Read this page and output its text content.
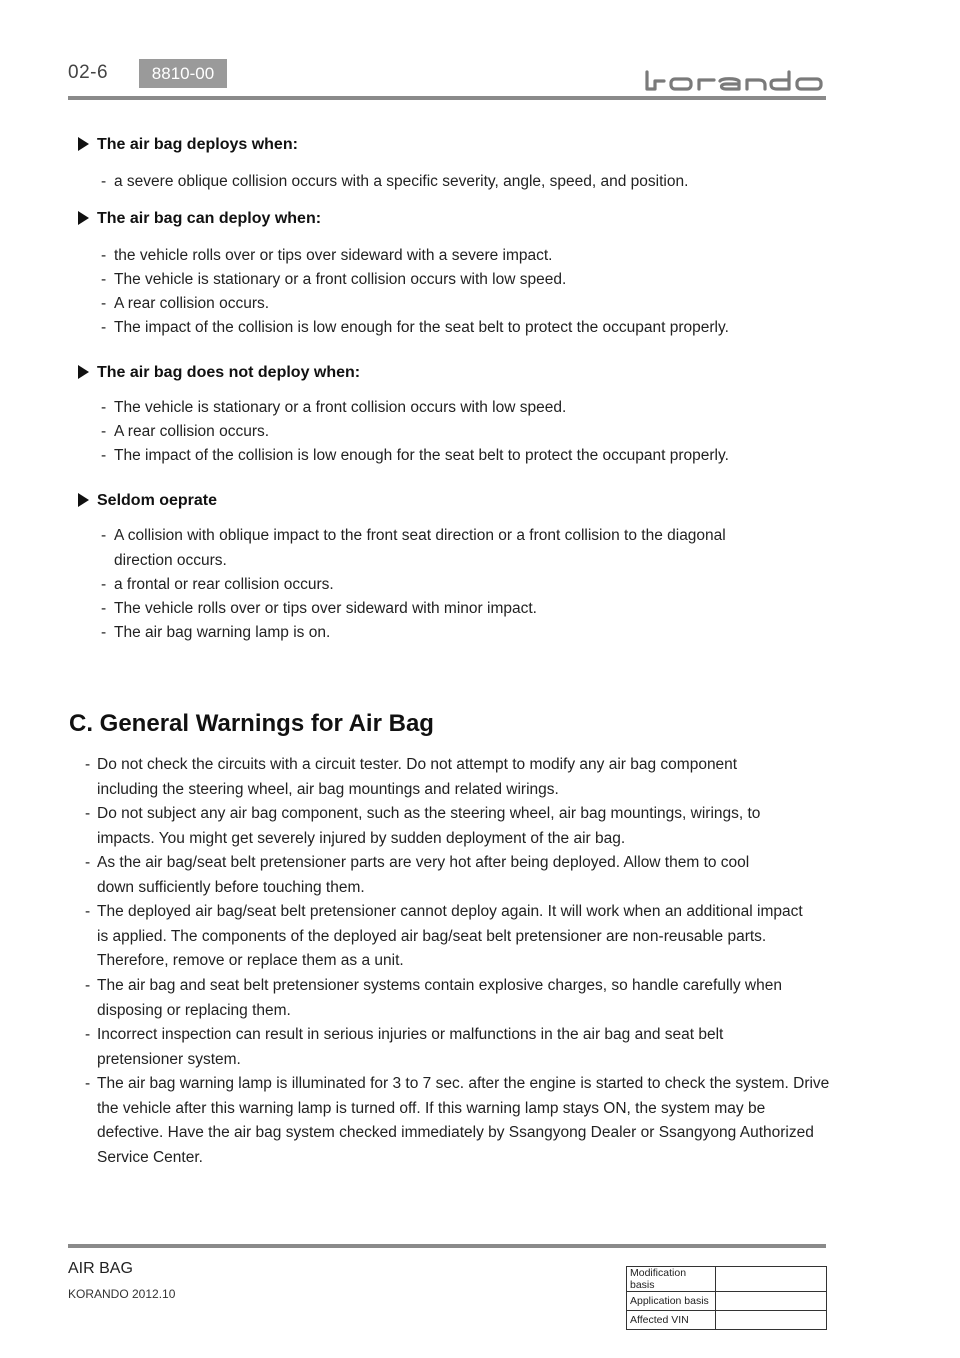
02-6	8810-00
The air bag deploys when:
- a severe oblique collision occurs with a specific severity, angle, speed, and position.
The air bag can deploy when:
- the vehicle rolls over or tips over sideward with a severe impact.
- The vehicle is stationary or a front collision occurs with low speed.
- A rear collision occurs.
- The impact of the collision is low enough for the seat belt to protect the occupant properly.
The air bag does not deploy when:
- The vehicle is stationary or a front collision occurs with low speed.
- A rear collision occurs.
- The impact of the collision is low enough for the seat belt to protect the occupant properly.
Seldom oeprate
- A collision with oblique impact to the front seat direction or a front collision to the diagonal direction occurs.
- a frontal or rear collision occurs.
- The vehicle rolls over or tips over sideward with minor impact.
- The air bag warning lamp is on.
C. General Warnings for Air Bag
- Do not check the circuits with a circuit tester. Do not attempt to modify any air bag component including the steering wheel, air bag mountings and related wirings.
- Do not subject any air bag component, such as the steering wheel, air bag mountings, wirings, to impacts. You might get severely injured by sudden deployment of the air bag.
- As the air bag/seat belt pretensioner parts are very hot after being deployed. Allow them to cool down sufficiently before touching them.
- The deployed air bag/seat belt pretensioner cannot deploy again. It will work when an additional impact is applied. The components of the deployed air bag/seat belt pretensioner are non-reusable parts. Therefore, remove or replace them as a unit.
- The air bag and seat belt pretensioner systems contain explosive charges, so handle carefully when disposing or replacing them.
- Incorrect inspection can result in serious injuries or malfunctions in the air bag and seat belt pretensioner system.
- The air bag warning lamp is illuminated for 3 to 7 sec. after the engine is started to check the system. Drive the vehicle after this warning lamp is turned off. If this warning lamp stays ON, the system may be defective. Have the air bag system checked immediately by Ssangyong Dealer or Ssangyong Authorized Service Center.
AIR BAG
KORANDO 2012.10
Modification basis	
Application basis	
Affected VIN	
